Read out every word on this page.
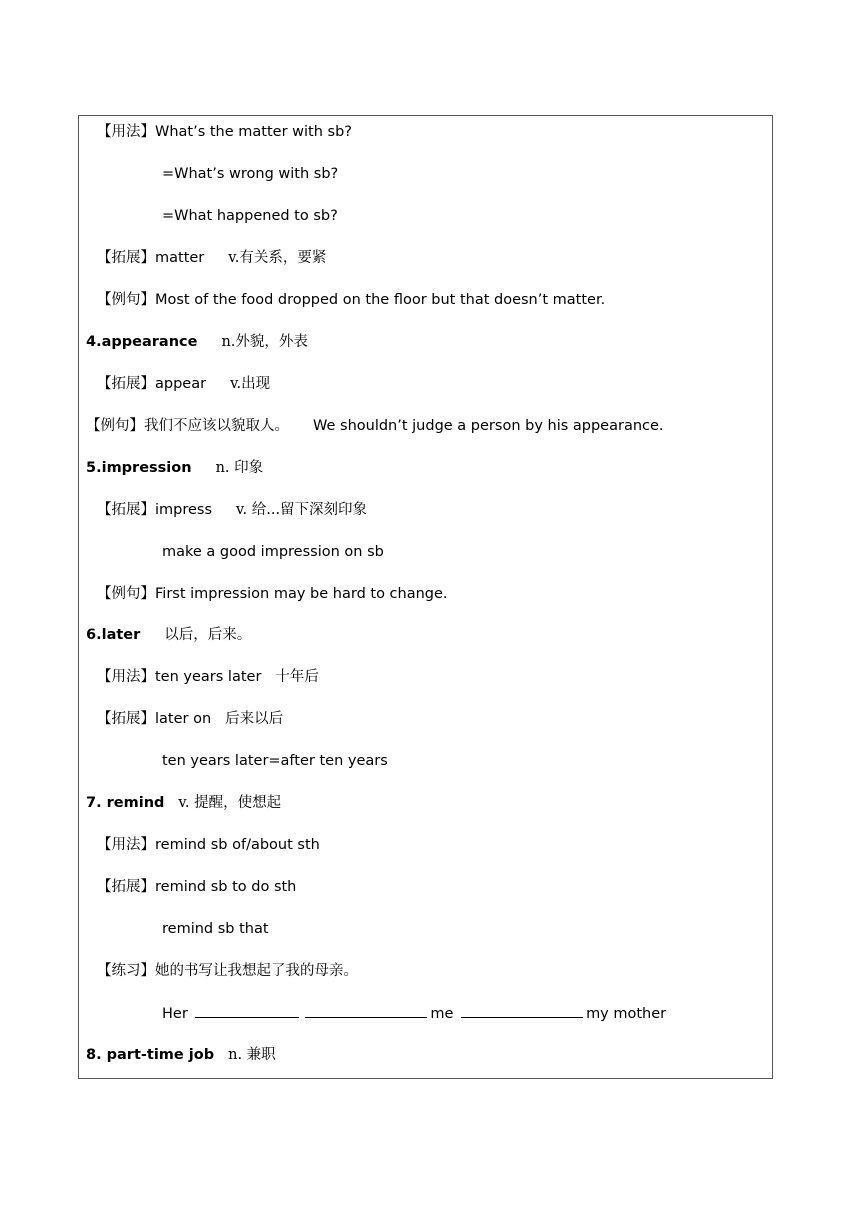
【用法】What’s the matter with sb?
=What’s wrong with sb?
=What happened to sb?
【拓展】matter v.有关系，要紧
【例句】Most of the food dropped on the floor but that doesn’t matter.
4.appearance n.外貌，外表
【拓展】appear v.出现
【例句】我们不应该以貌取人。 We shouldn’t judge a person by his appearance.
5.impression n. 印象
【拓展】impress v. 给...留下深刻印象
make a good impression on sb
【例句】First impression may be hard to change.
6.later 以后，后来。
【用法】ten years later 十年后
【拓展】later on 后来以后
ten years later=after ten years
7. remind v. 提醒，使想起
【用法】remind sb of/about sth
【拓展】remind sb to do sth
remind sb that
【练习】她的书写让我想起了我的母亲。
Her	me	my mother
8. part-time job n. 兼职
